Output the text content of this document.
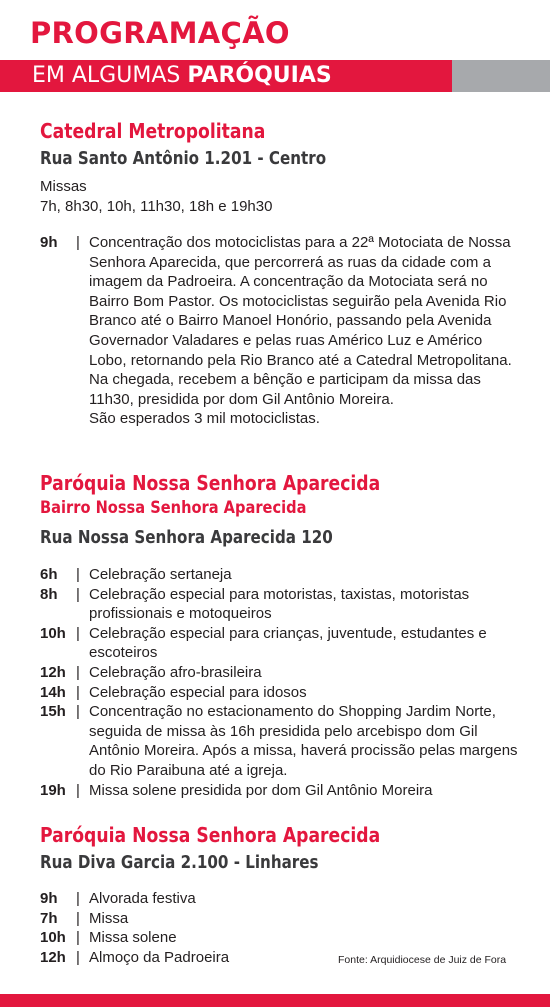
PROGRAMAÇÃO
EM ALGUMAS PARÓQUIAS
Catedral Metropolitana
Rua Santo Antônio 1.201 - Centro
Missas
7h, 8h30, 10h, 11h30, 18h e 19h30
9h	| Concentração dos motociclistas para a 22ª Motociata de Nossa Senhora Aparecida, que percorrerá as ruas da cidade com a imagem da Padroeira. A concentração da Motociata será no Bairro Bom Pastor. Os motociclistas seguirão pela Avenida Rio Branco até o Bairro Manoel Honório, passando pela Avenida Governador Valadares e pelas ruas Américo Luz e Américo Lobo, retornando pela Rio Branco até a Catedral Metropolitana. Na chegada, recebem a bênção e participam da missa das 11h30, presidida por dom Gil Antônio Moreira.
São esperados 3 mil motociclistas.
Paróquia Nossa Senhora Aparecida
Bairro Nossa Senhora Aparecida
Rua Nossa Senhora Aparecida 120
6h	| Celebração sertaneja
8h	| Celebração especial para motoristas, taxistas, motoristas profissionais e motoqueiros
10h | Celebração especial para crianças, juventude, estudantes e escoteiros
12h | Celebração afro-brasileira
14h | Celebração especial para idosos
15h | Concentração no estacionamento do Shopping Jardim Norte, seguida de missa às 16h presidida pelo arcebispo dom Gil Antônio Moreira. Após a missa, haverá procissão pelas margens do Rio Paraibuna até a igreja.
19h | Missa solene presidida por dom Gil Antônio Moreira
Paróquia Nossa Senhora Aparecida
Rua Diva Garcia 2.100 - Linhares
9h	| Alvorada festiva
7h	| Missa
10h | Missa solene
12h | Almoço da Padroeira	Fonte: Arquidiocese de Juiz de Fora
